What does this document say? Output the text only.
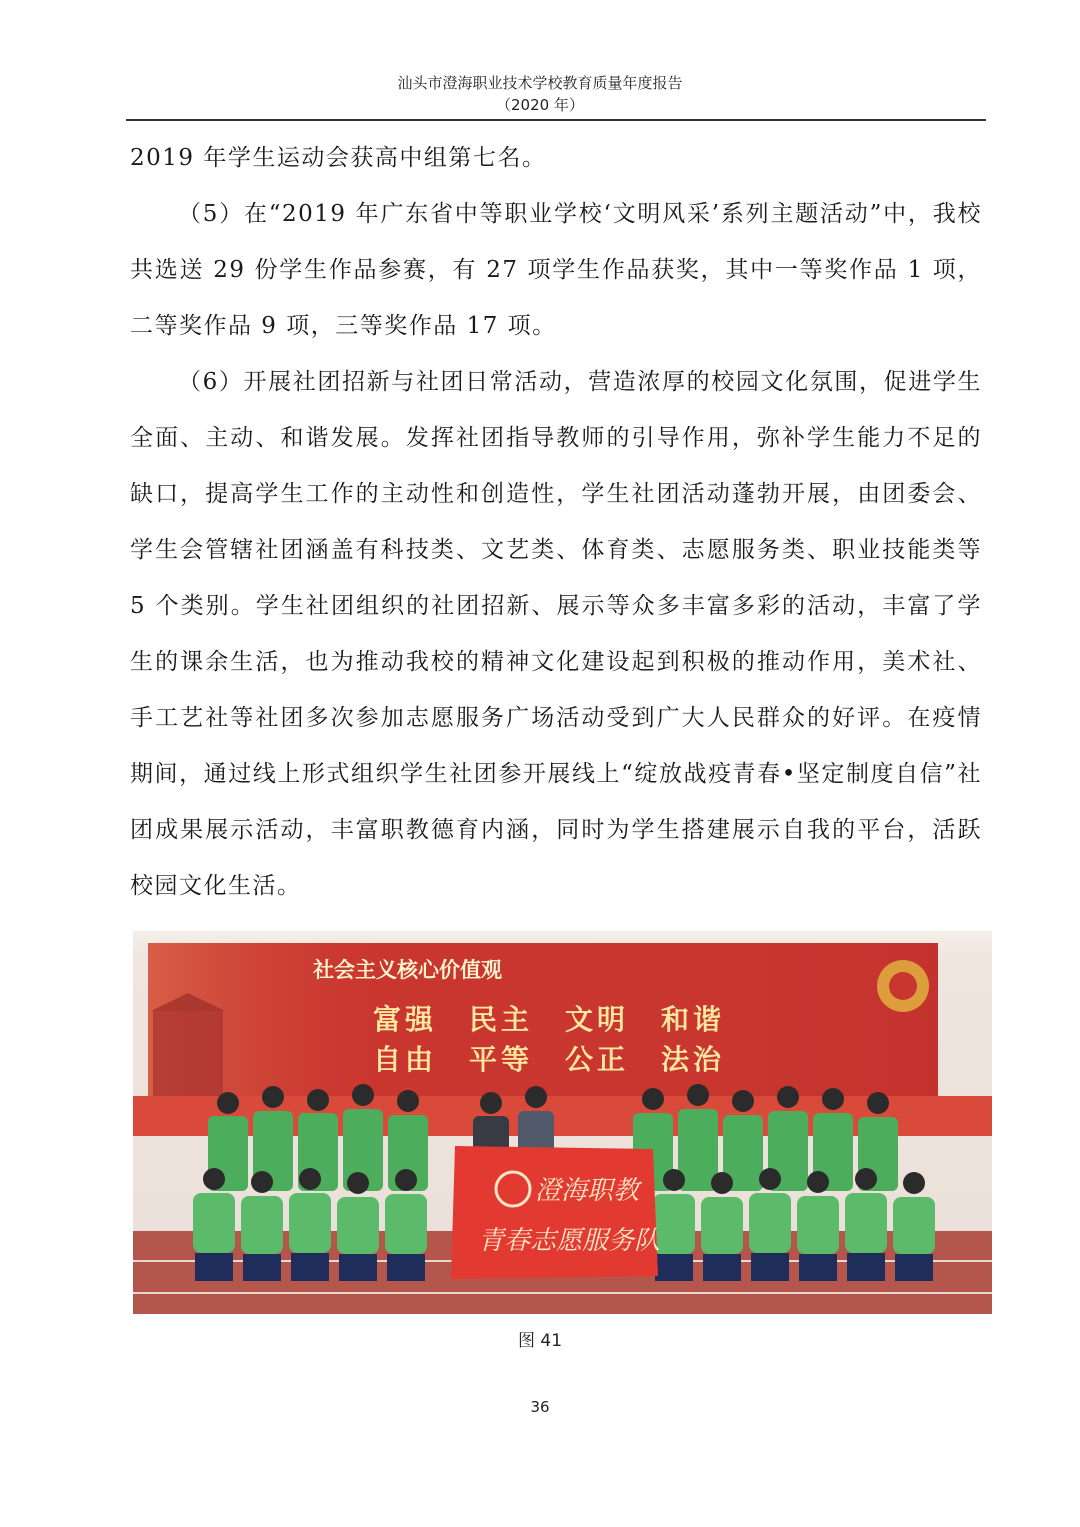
汕头市澄海职业技术学校教育质量年度报告
（2020 年）

2019 年学生运动会获高中组第七名。

（5）在“2019 年广东省中等职业学校‘文明风采’系列主题活动”中，我校共选送 29 份学生作品参赛，有 27 项学生作品获奖，其中一等奖作品 1 项，二等奖作品 9 项，三等奖作品 17 项。

（6）开展社团招新与社团日常活动，营造浓厚的校园文化氛围，促进学生全面、主动、和谐发展。发挥社团指导教师的引导作用，弥补学生能力不足的缺口，提高学生工作的主动性和创造性，学生社团活动蓬勃开展，由团委会、学生会管辖社团涵盖有科技类、文艺类、体育类、志愿服务类、职业技能类等 5 个类别。学生社团组织的社团招新、展示等众多丰富多彩的活动，丰富了学生的课余生活，也为推动我校的精神文化建设起到积极的推动作用，美术社、手工艺社等社团多次参加志愿服务广场活动受到广大人民群众的好评。在疫情期间，通过线上形式组织学生社团参开展线上“绽放战疫青春•坚定制度自信”社团成果展示活动，丰富职教德育内涵，同时为学生搭建展示自我的平台，活跃校园文化生活。

社会主义核心价值观
富强　民主　文明　和谐
自由　平等　公正　法治
澄海职教
青春志愿服务队
图 41
36
